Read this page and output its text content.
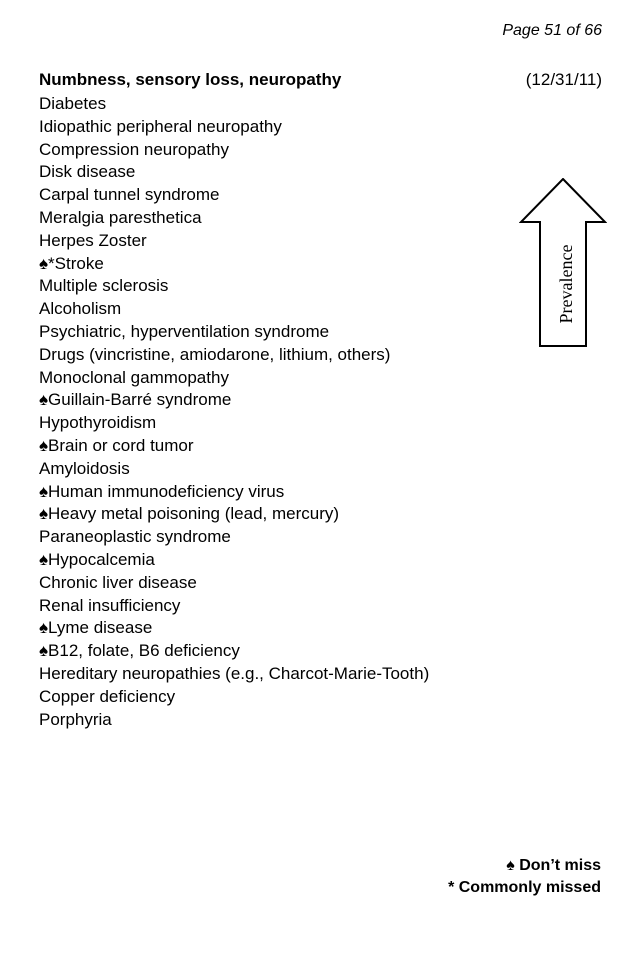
Page 51 of 66
Numbness, sensory loss, neuropathy	(12/31/11)
Diabetes
Idiopathic peripheral neuropathy
Compression neuropathy
Disk disease
Carpal tunnel syndrome
Meralgia paresthetica
Herpes Zoster
♠*Stroke
Multiple sclerosis
Alcoholism
Psychiatric, hyperventilation syndrome
Drugs (vincristine, amiodarone, lithium, others)
Monoclonal gammopathy
♠Guillain-Barré syndrome
Hypothyroidism
♠Brain or cord tumor
Amyloidosis
♠Human immunodeficiency virus
♠Heavy metal poisoning (lead, mercury)
Paraneoplastic syndrome
♠Hypocalcemia
Chronic liver disease
Renal insufficiency
♠Lyme disease
♠B12, folate, B6 deficiency
Hereditary neuropathies (e.g., Charcot-Marie-Tooth)
Copper deficiency
Porphyria
Prevalence
♠ Don’t miss
* Commonly missed
